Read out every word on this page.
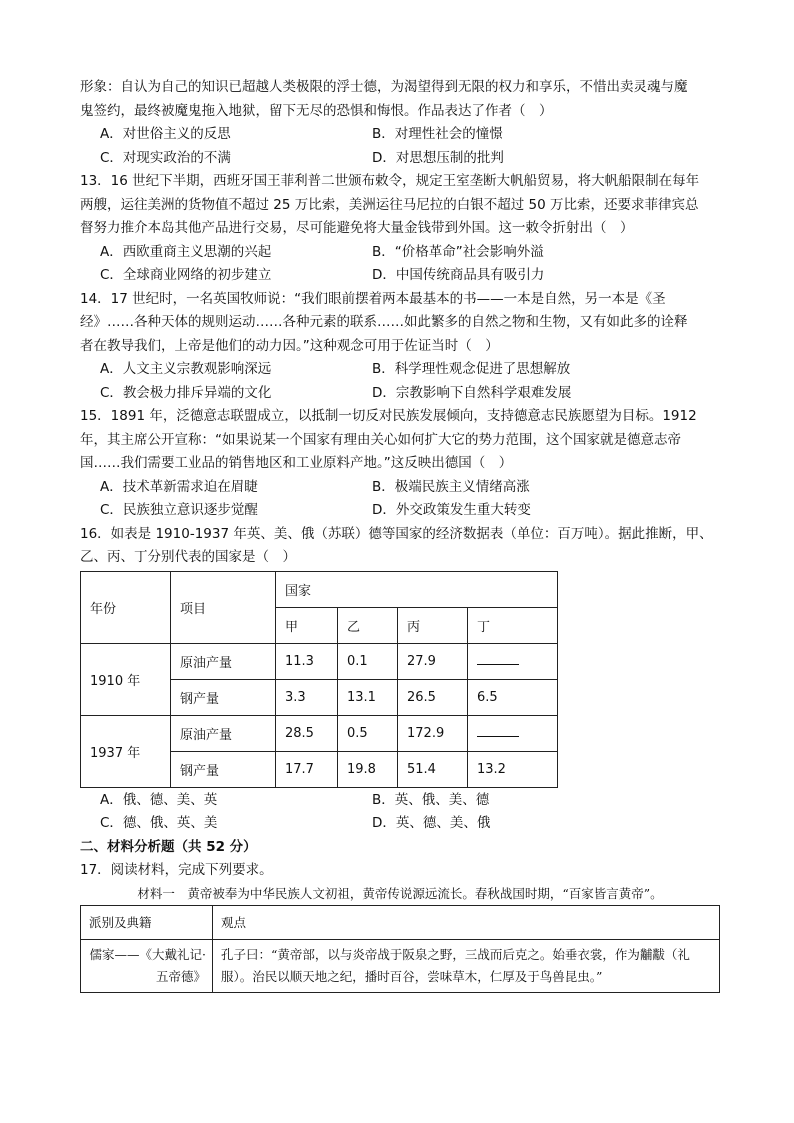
形象：自认为自己的知识已超越人类极限的浮士德，为渴望得到无限的权力和享乐，不惜出卖灵魂与魔
鬼签约，最终被魔鬼拖入地狱，留下无尽的恐惧和悔恨。作品表达了作者（　）
A．对世俗主义的反思	B．对理性社会的憧憬
C．对现实政治的不满	D．对思想压制的批判
13．16 世纪下半期，西班牙国王菲利普二世颁布敕令，规定王室垄断大帆船贸易，将大帆船限制在每年
两艘，运往美洲的货物值不超过 25 万比索，美洲运往马尼拉的白银不超过 50 万比索，还要求菲律宾总
督努力推介本岛其他产品进行交易，尽可能避免将大量金钱带到外国。这一敕令折射出（　）
A．西欧重商主义思潮的兴起	B．“价格革命”社会影响外溢
C．全球商业网络的初步建立	D．中国传统商品具有吸引力
14．17 世纪时，一名英国牧师说：“我们眼前摆着两本最基本的书——一本是自然，另一本是《圣
经》……各种天体的规则运动……各种元素的联系……如此繁多的自然之物和生物，又有如此多的诠释
者在教导我们，上帝是他们的动力因。”这种观念可用于佐证当时（　）
A．人文主义宗教观影响深远	B．科学理性观念促进了思想解放
C．教会极力排斥异端的文化	D．宗教影响下自然科学艰难发展
15．1891 年，泛德意志联盟成立，以抵制一切反对民族发展倾向，支持德意志民族愿望为目标。1912
年，其主席公开宣称：“如果说某一个国家有理由关心如何扩大它的势力范围，这个国家就是德意志帝
国……我们需要工业品的销售地区和工业原料产地。”这反映出德国（　）
A．技术革新需求迫在眉睫	B．极端民族主义情绪高涨
C．民族独立意识逐步觉醒	D．外交政策发生重大转变
16．如表是 1910-1937 年英、美、俄（苏联）德等国家的经济数据表（单位：百万吨）。据此推断，甲、
乙、丙、丁分别代表的国家是（　）
年份	项目	国家			
		甲	乙	丙	丁
1910 年	原油产量	11.3	0.1	27.9	
	钢产量	3.3	13.1	26.5	6.5
1937 年	原油产量	28.5	0.5	172.9	
	钢产量	17.7	19.8	51.4	13.2
A．俄、德、美、英	B．英、俄、美、德
C．德、俄、英、美	D．英、德、美、俄
二、材料分析题（共 52 分）
17．阅读材料，完成下列要求。
材料一　黄帝被奉为中华民族人文初祖，黄帝传说源远流长。春秋战国时期，“百家皆言黄帝”。
派别及典籍	观点
儒家——《大戴礼记·五帝德》	孔子曰：“黄帝部，以与炎帝战于阪泉之野，三战而后克之。始垂衣裳，作为黼黻（礼服）。治民以顺天地之纪，播时百谷，尝味草木，仁厚及于鸟兽昆虫。”
